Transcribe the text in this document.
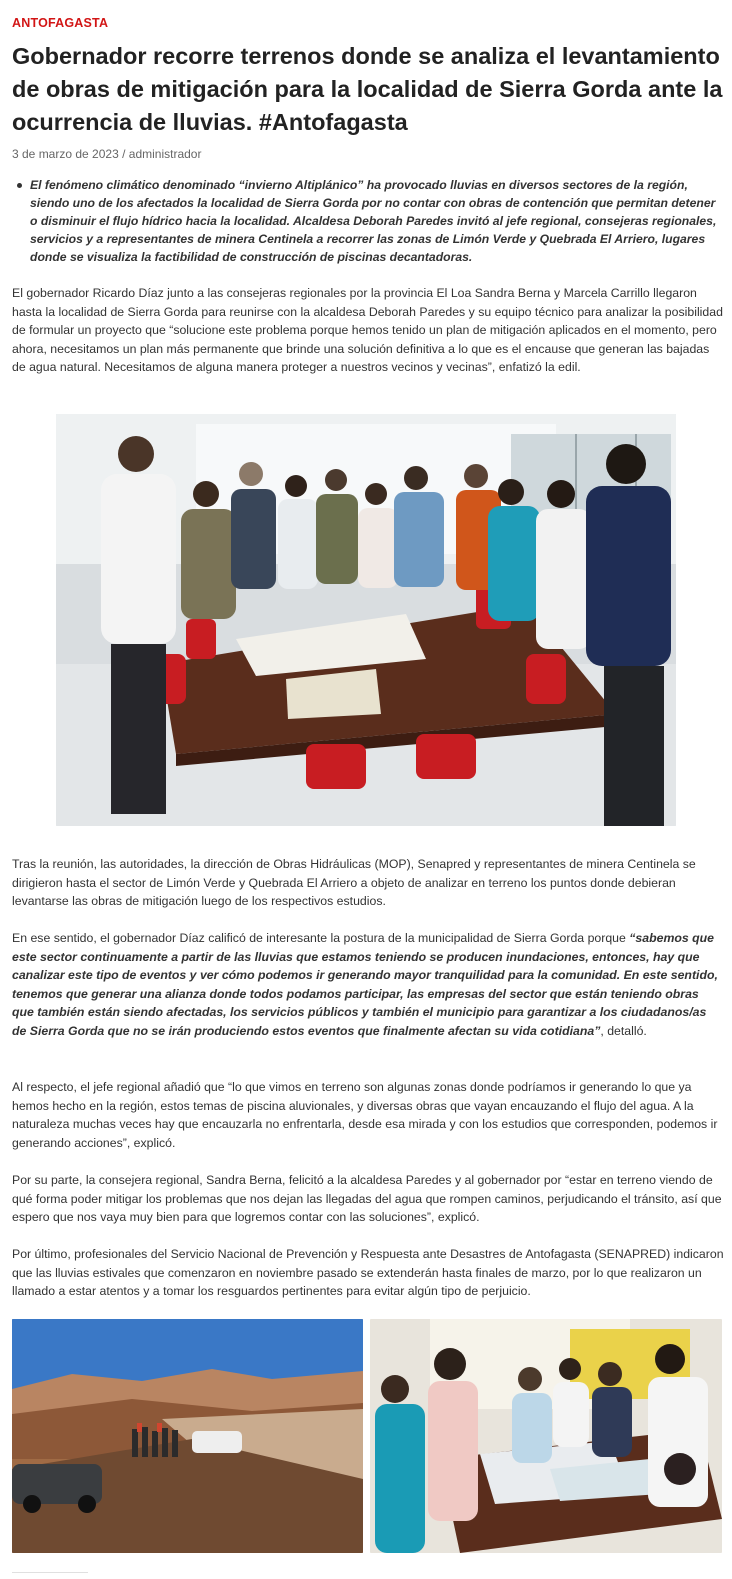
ANTOFAGASTA
Gobernador recorre terrenos donde se analiza el levantamiento de obras de mitigación para la localidad de Sierra Gorda ante la ocurrencia de lluvias. #Antofagasta
3 de marzo de 2023 / administrador
El fenómeno climático denominado “invierno Altiplánico” ha provocado lluvias en diversos sectores de la región, siendo uno de los afectados la localidad de Sierra Gorda por no contar con obras de contención que permitan detener o disminuir el flujo hídrico hacia la localidad. Alcaldesa Deborah Paredes invitó al jefe regional, consejeras regionales, servicios y a representantes de minera Centinela a recorrer las zonas de Limón Verde y Quebrada El Arriero, lugares donde se visualiza la factibilidad de construcción de piscinas decantadoras.

El gobernador Ricardo Díaz junto a las consejeras regionales por la provincia El Loa Sandra Berna y Marcela Carrillo llegaron hasta la localidad de Sierra Gorda para reunirse con la alcaldesa Deborah Paredes y su equipo técnico para analizar la posibilidad de formular un proyecto que “solucione este problema porque hemos tenido un plan de mitigación aplicados en el momento, pero ahora, necesitamos un plan más permanente que brinde una solución definitiva a lo que es el encause que generan las bajadas de agua natural. Necesitamos de alguna manera proteger a nuestros vecinos y vecinas”, enfatizó la edil.

Tras la reunión, las autoridades, la dirección de Obras Hidráulicas (MOP), Senapred y representantes de minera Centinela se dirigieron hasta el sector de Limón Verde y Quebrada El Arriero a objeto de analizar en terreno los puntos donde debieran levantarse las obras de mitigación luego de los respectivos estudios.

En ese sentido, el gobernador Díaz calificó de interesante la postura de la municipalidad de Sierra Gorda porque “sabemos que este sector continuamente a partir de las lluvias que estamos teniendo se producen inundaciones, entonces, hay que canalizar este tipo de eventos y ver cómo podemos ir generando mayor tranquilidad para la comunidad. En este sentido, tenemos que generar una alianza donde todos podamos participar, las empresas del sector que están teniendo obras que también están siendo afectadas, los servicios públicos y también el municipio para garantizar a los ciudadanos/as de Sierra Gorda que no se irán produciendo estos eventos que finalmente afectan su vida cotidiana”, detalló.

Al respecto, el jefe regional añadió que “lo que vimos en terreno son algunas zonas donde podríamos ir generando lo que ya hemos hecho en la región, estos temas de piscina aluvionales, y diversas obras que vayan encauzando el flujo del agua. A la naturaleza muchas veces hay que encauzarla no enfrentarla, desde esa mirada y con los estudios que corresponden, podemos ir generando acciones”, explicó.

Por su parte, la consejera regional, Sandra Berna, felicitó a la alcaldesa Paredes y al gobernador por “estar en terreno viendo de qué forma poder mitigar los problemas que nos dejan las llegadas del agua que rompen caminos, perjudicando el tránsito, así que espero que nos vaya muy bien para que logremos contar con las soluciones”, explicó.

Por último, profesionales del Servicio Nacional de Prevención y Respuesta ante Desastres de Antofagasta (SENAPRED) indicaron que las lluvias estivales que comenzaron en noviembre pasado se extenderán hasta finales de marzo, por lo que realizaron un llamado a estar atentos y a tomar los resguardos pertinentes para evitar algún tipo de perjuicio.
